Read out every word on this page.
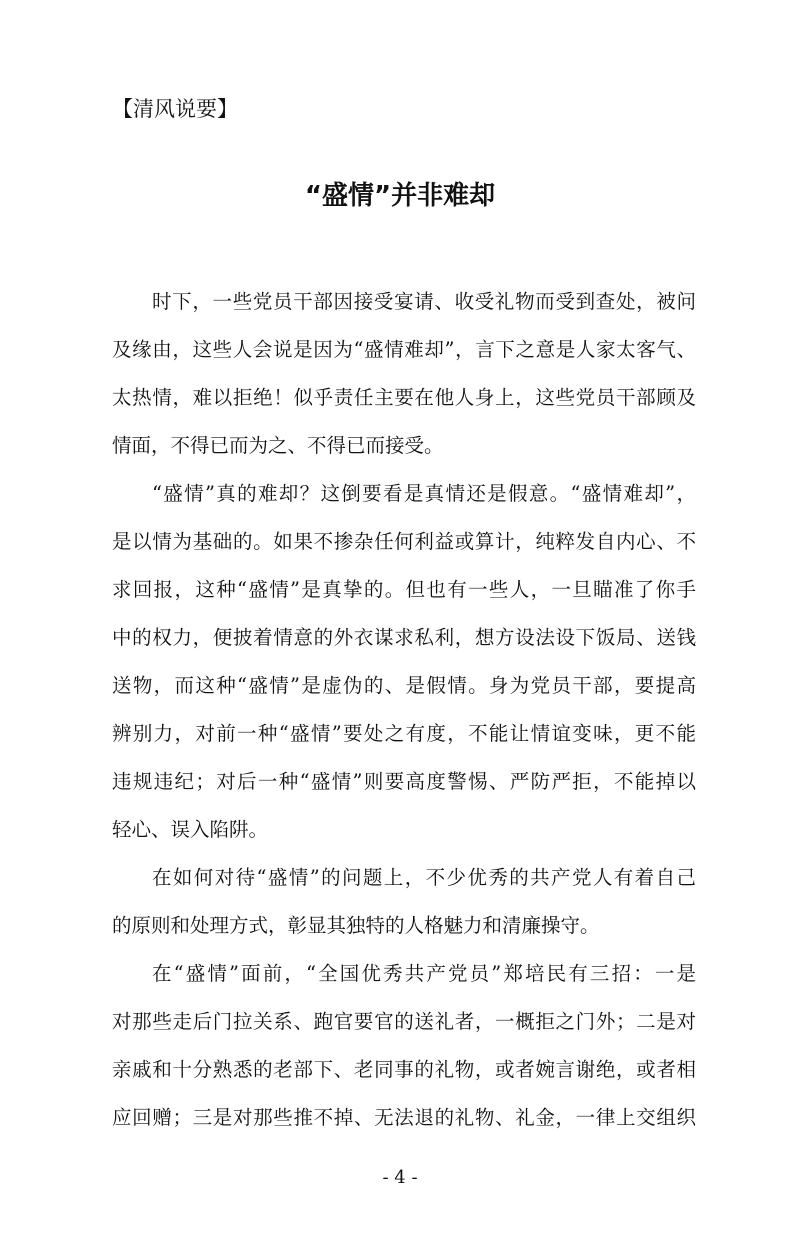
【清风说要】
“盛情”并非难却
时下，一些党员干部因接受宴请、收受礼物而受到查处，被问
及缘由，这些人会说是因为“盛情难却”，言下之意是人家太客气、
太热情，难以拒绝！似乎责任主要在他人身上，这些党员干部顾及
情面，不得已而为之、不得已而接受。
“盛情”真的难却？这倒要看是真情还是假意。“盛情难却”，
是以情为基础的。如果不掺杂任何利益或算计，纯粹发自内心、不
求回报，这种“盛情”是真挚的。但也有一些人，一旦瞄准了你手
中的权力，便披着情意的外衣谋求私利，想方设法设下饭局、送钱
送物，而这种“盛情”是虚伪的、是假情。身为党员干部，要提高
辨别力，对前一种“盛情”要处之有度，不能让情谊变味，更不能
违规违纪；对后一种“盛情”则要高度警惕、严防严拒，不能掉以
轻心、误入陷阱。
在如何对待“盛情”的问题上，不少优秀的共产党人有着自己
的原则和处理方式，彰显其独特的人格魅力和清廉操守。
在“盛情”面前，“全国优秀共产党员”郑培民有三招：一是
对那些走后门拉关系、跑官要官的送礼者，一概拒之门外；二是对
亲戚和十分熟悉的老部下、老同事的礼物，或者婉言谢绝，或者相
应回赠；三是对那些推不掉、无法退的礼物、礼金，一律上交组织
- 4 -
